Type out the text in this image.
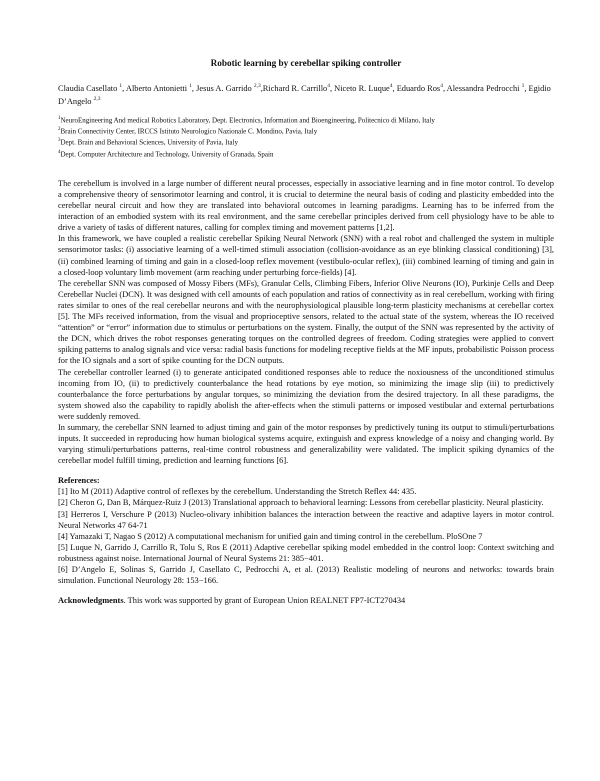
Robotic learning by cerebellar spiking controller
Claudia Casellato $^1$, Alberto Antonietti $^1$, Jesus A. Garrido $^{2,3}$,Richard R. Carrillo$^4$, Niceto R. Luque$^4$, Eduardo Ros$^4$, Alessandra Pedrocchi $^1$, Egidio D’Angelo $^{2,3}$
$^1$NeuroEngineering And medical Robotics Laboratory, Dept. Electronics, Information and Bioengineering, Politecnico di Milano, Italy
$^2$Brain Connectivity Center, IRCCS Istituto Neurologico Nazionale C. Mondino, Pavia, Italy
$^3$Dept. Brain and Behavioral Sciences, University of Pavia, Italy
$^4$Dept. Computer Architecture and Technology, University of Granada, Spain

The cerebellum is involved in a large number of different neural processes, especially in associative learning and in fine motor control. To develop a comprehensive theory of sensorimotor learning and control, it is crucial to determine the neural basis of coding and plasticity embedded into the cerebellar neural circuit and how they are translated into behavioral outcomes in learning paradigms. Learning has to be inferred from the interaction of an embodied system with its real environment, and the same cerebellar principles derived from cell physiology have to be able to drive a variety of tasks of different natures, calling for complex timing and movement patterns [1,2].

In this framework, we have coupled a realistic cerebellar Spiking Neural Network (SNN) with a real robot and challenged the system in multiple sensorimotor tasks: (i) associative learning of a well-timed stimuli association (collision-avoidance as an eye blinking classical conditioning) [3], (ii) combined learning of timing and gain in a closed-loop reflex movement (vestibulo-ocular reflex), (iii) combined learning of timing and gain in a closed-loop voluntary limb movement (arm reaching under perturbing force-fields) [4].

The cerebellar SNN was composed of Mossy Fibers (MFs), Granular Cells, Climbing Fibers, Inferior Olive Neurons (IO), Purkinje Cells and Deep Cerebellar Nuclei (DCN). It was designed with cell amounts of each population and ratios of connectivity as in real cerebellum, working with firing rates similar to ones of the real cerebellar neurons and with the neurophysiological plausible long-term plasticity mechanisms at cerebellar cortex [5]. The MFs received information, from the visual and proprioceptive sensors, related to the actual state of the system, whereas the IO received “attention” or “error” information due to stimulus or perturbations on the system. Finally, the output of the SNN was represented by the activity of the DCN, which drives the robot responses generating torques on the controlled degrees of freedom. Coding strategies were applied to convert spiking patterns to analog signals and vice versa: radial basis functions for modeling receptive fields at the MF inputs, probabilistic Poisson process for the IO signals and a sort of spike counting for the DCN outputs.

The cerebellar controller learned (i) to generate anticipated conditioned responses able to reduce the noxiousness of the unconditioned stimulus incoming from IO, (ii) to predictively counterbalance the head rotations by eye motion, so minimizing the image slip (iii) to predictively counterbalance the force perturbations by angular torques, so minimizing the deviation from the desired trajectory. In all these paradigms, the system showed also the capability to rapidly abolish the after-effects when the stimuli patterns or imposed vestibular and external perturbations were suddenly removed.

In summary, the cerebellar SNN learned to adjust timing and gain of the motor responses by predictively tuning its output to stimuli/perturbations inputs. It succeeded in reproducing how human biological systems acquire, extinguish and express knowledge of a noisy and changing world. By varying stimuli/perturbations patterns, real-time control robustness and generalizability were validated. The implicit spiking dynamics of the cerebellar model fulfill timing, prediction and learning functions [6].

References:
[1] Ito M (2011) Adaptive control of reflexes by the cerebellum. Understanding the Stretch Reflex 44: 435.
[2] Cheron G, Dan B, Márquez-Ruiz J (2013) Translational approach to behavioral learning: Lessons from cerebellar plasticity. Neural plasticity.
[3] Herreros I, Verschure P (2013) Nucleo-olivary inhibition balances the interaction between the reactive and adaptive layers in motor control. Neural Networks 47 64-71
[4] Yamazaki T, Nagao S (2012) A computational mechanism for unified gain and timing control in the cerebellum. PloSOne 7
[5] Luque N, Garrido J, Carrillo R, Tolu S, Ros E (2011) Adaptive cerebellar spiking model embedded in the control loop: Context switching and robustness against noise. International Journal of Neural Systems 21: 385−401.
[6] D’Angelo E, Solinas S, Garrido J, Casellato C, Pedrocchi A, et al. (2013) Realistic modeling of neurons and networks: towards brain simulation. Functional Neurology 28: 153−166.
Acknowledgments. This work was supported by grant of European Union REALNET FP7-ICT270434
